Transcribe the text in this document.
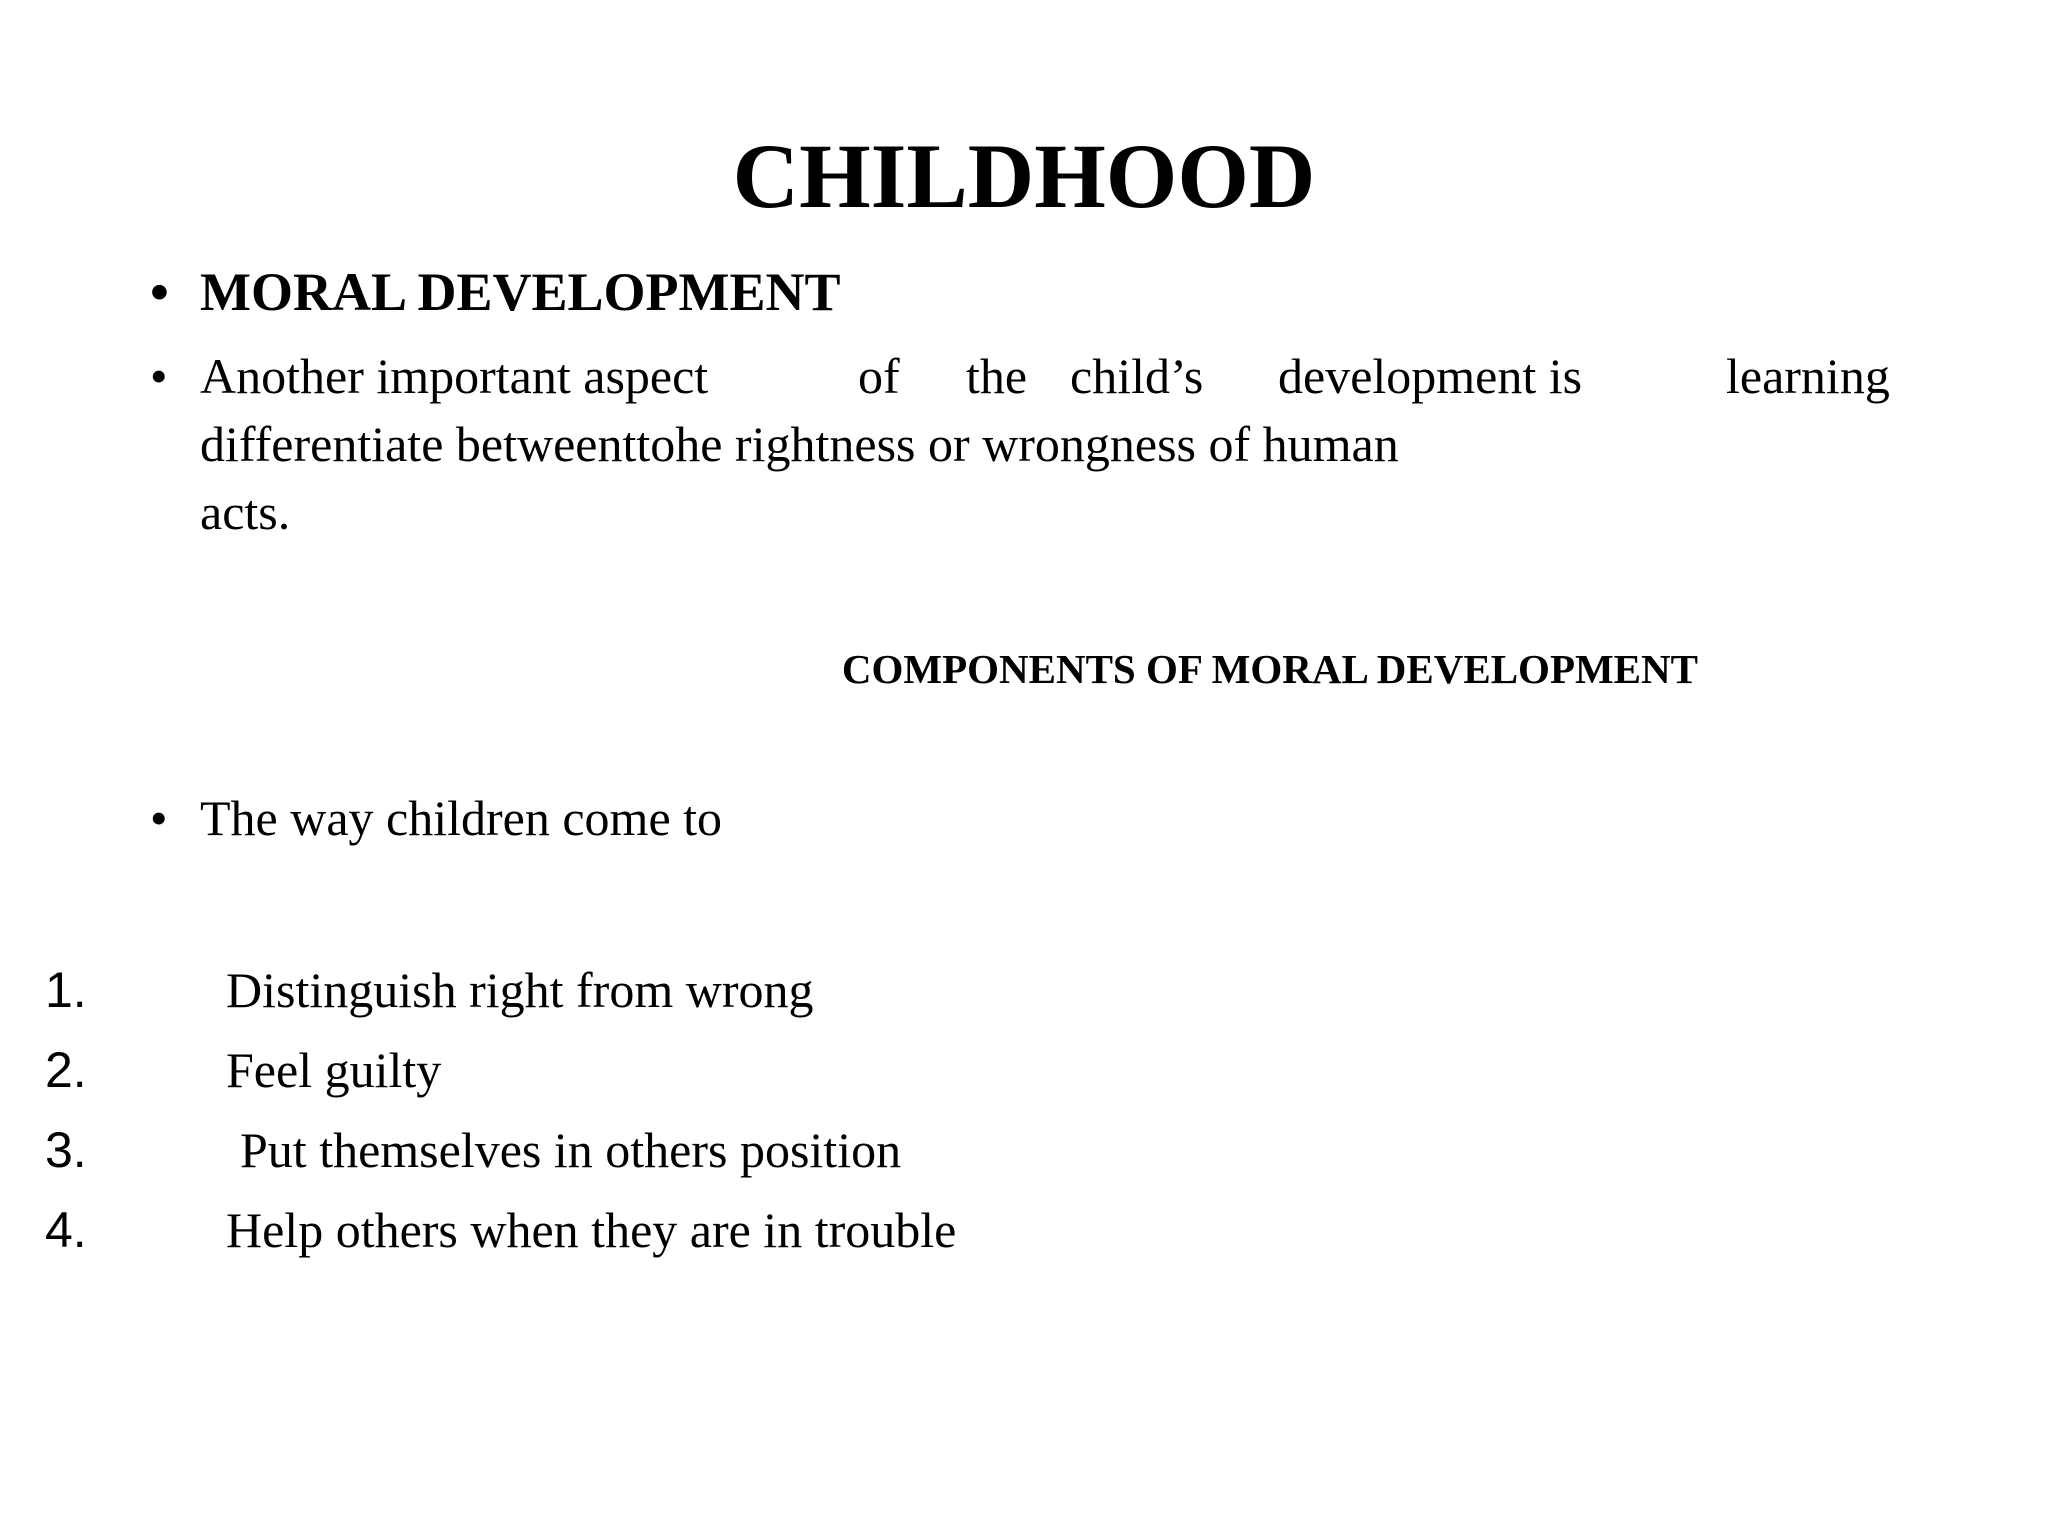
CHILDHOOD
• MORAL DEVELOPMENT
• Another important aspect	of the child’s development is	learning
differentiate betweenttohe rightness or wrongness of human
acts.
COMPONENTS OF MORAL DEVELOPMENT
• The way children come to
1.	Distinguish right from wrong
2.	Feel guilty
3.	Put themselves in others position
4.	Help others when they are in trouble
